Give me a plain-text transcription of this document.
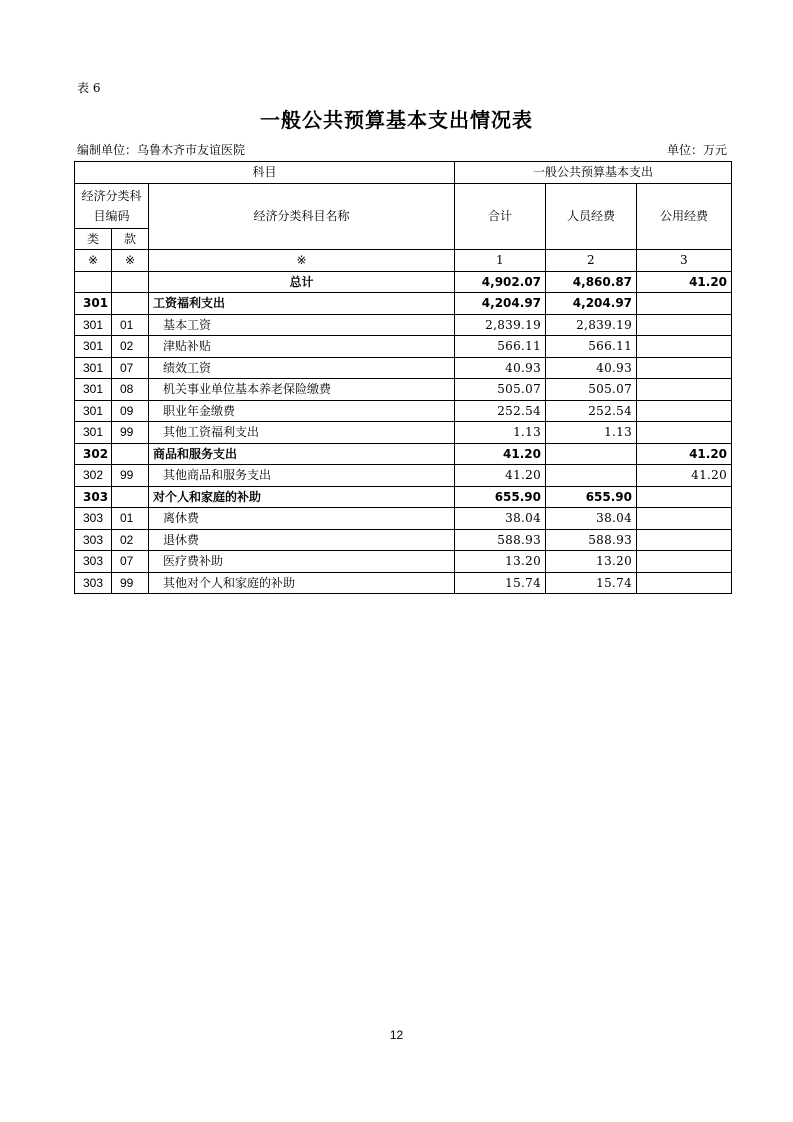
表 6
一般公共预算基本支出情况表
编制单位：乌鲁木齐市友谊医院	单位：万元
科目			一般公共预算基本支出		
经济分类科目编码		经济分类科目名称	合计	人员经费	公用经费
类	款				
※	※	※	1	2	3
		总计	4,902.07	4,860.87	41.20
301		工资福利支出	4,204.97	4,204.97	
301	01	基本工资	2,839.19	2,839.19	
301	02	津贴补贴	566.11	566.11	
301	07	绩效工资	40.93	40.93	
301	08	机关事业单位基本养老保险缴费	505.07	505.07	
301	09	职业年金缴费	252.54	252.54	
301	99	其他工资福利支出	1.13	1.13	
302		商品和服务支出	41.20		41.20
302	99	其他商品和服务支出	41.20		41.20
303		对个人和家庭的补助	655.90	655.90	
303	01	离休费	38.04	38.04	
303	02	退休费	588.93	588.93	
303	07	医疗费补助	13.20	13.20	
303	99	其他对个人和家庭的补助	15.74	15.74	
12
